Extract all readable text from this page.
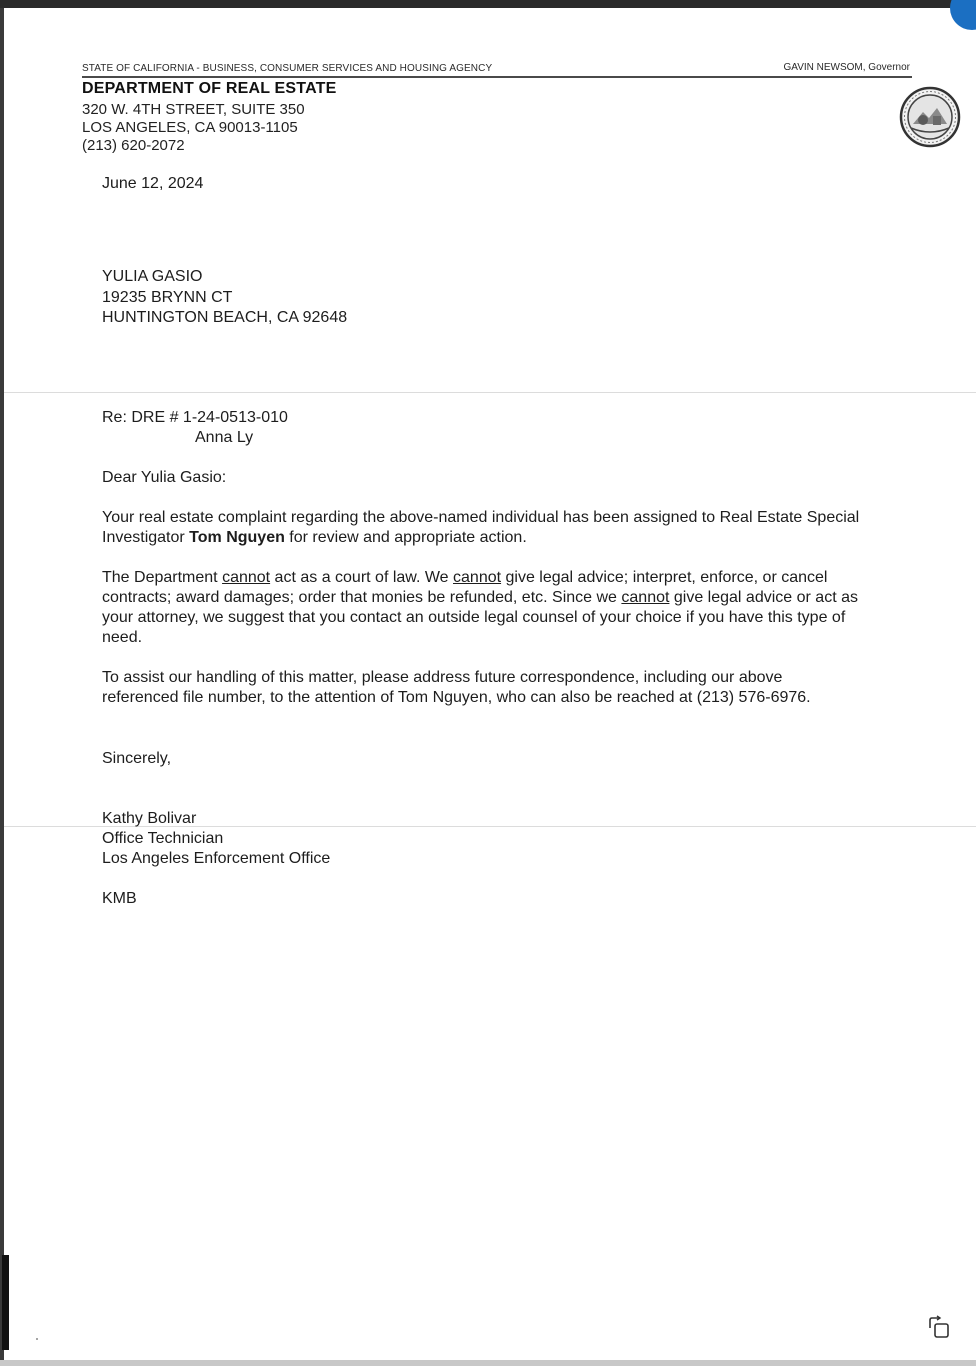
STATE OF CALIFORNIA - BUSINESS, CONSUMER SERVICES AND HOUSING AGENCY	GAVIN NEWSOM, Governor
DEPARTMENT OF REAL ESTATE
320 W. 4TH STREET, SUITE 350
LOS ANGELES, CA 90013-1105
(213) 620-2072
June 12, 2024
YULIA GASIO
19235 BRYNN CT
HUNTINGTON BEACH, CA 92648
Re: DRE # 1-24-0513-010
Anna Ly
Dear Yulia Gasio:
Your real estate complaint regarding the above-named individual has been assigned to Real Estate Special Investigator Tom Nguyen for review and appropriate action.
The Department cannot act as a court of law. We cannot give legal advice; interpret, enforce, or cancel contracts; award damages; order that monies be refunded, etc. Since we cannot give legal advice or act as your attorney, we suggest that you contact an outside legal counsel of your choice if you have this type of need.
To assist our handling of this matter, please address future correspondence, including our above referenced file number, to the attention of Tom Nguyen, who can also be reached at (213) 576-6976.
Sincerely,
Kathy Bolivar
Office Technician
Los Angeles Enforcement Office
KMB
